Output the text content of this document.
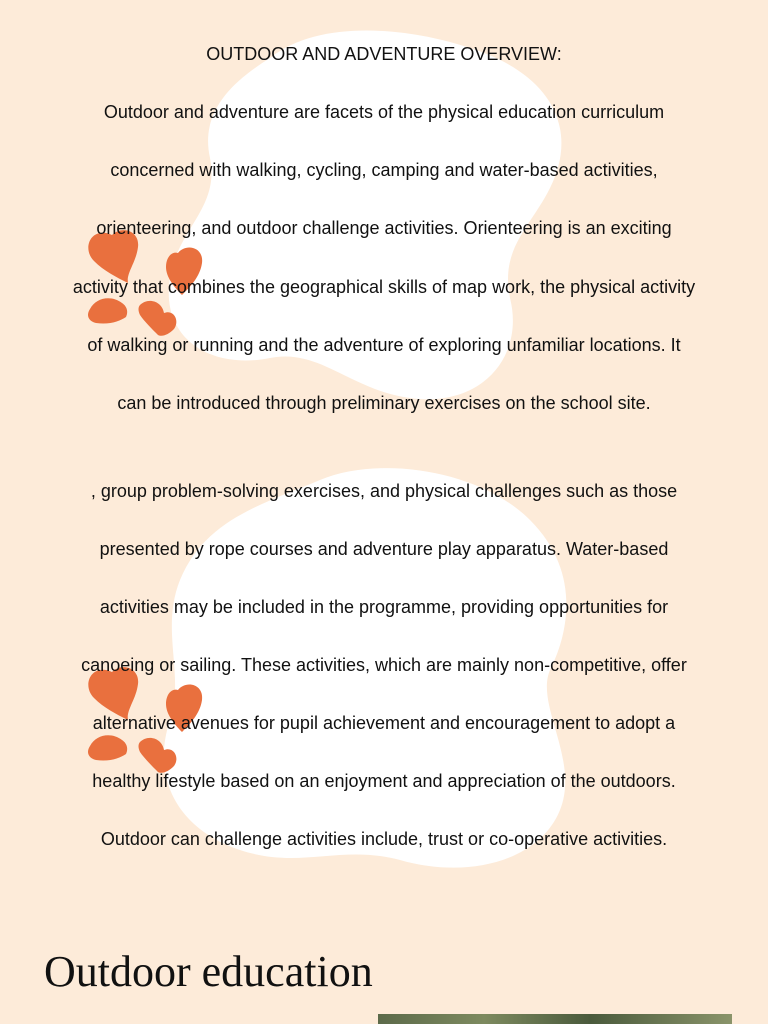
OUTDOOR AND ADVENTURE OVERVIEW:
Outdoor and adventure are facets of the physical education curriculum
concerned with walking, cycling, camping and water-based activities,
orienteering, and outdoor challenge activities. Orienteering is an exciting
activity that combines the geographical skills of map work, the physical activity
of walking or running and the adventure of exploring unfamiliar locations. It
can be introduced through preliminary exercises on the school site.
, group problem-solving exercises, and physical challenges such as those
presented by rope courses and adventure play apparatus. Water-based
activities may be included in the programme, providing opportunities for
canoeing or sailing. These activities, which are mainly non-competitive, offer
alternative avenues for pupil achievement and encouragement to adopt a
healthy lifestyle based on an enjoyment and appreciation of the outdoors.
Outdoor can challenge activities include, trust or co-operative activities.
Outdoor education
